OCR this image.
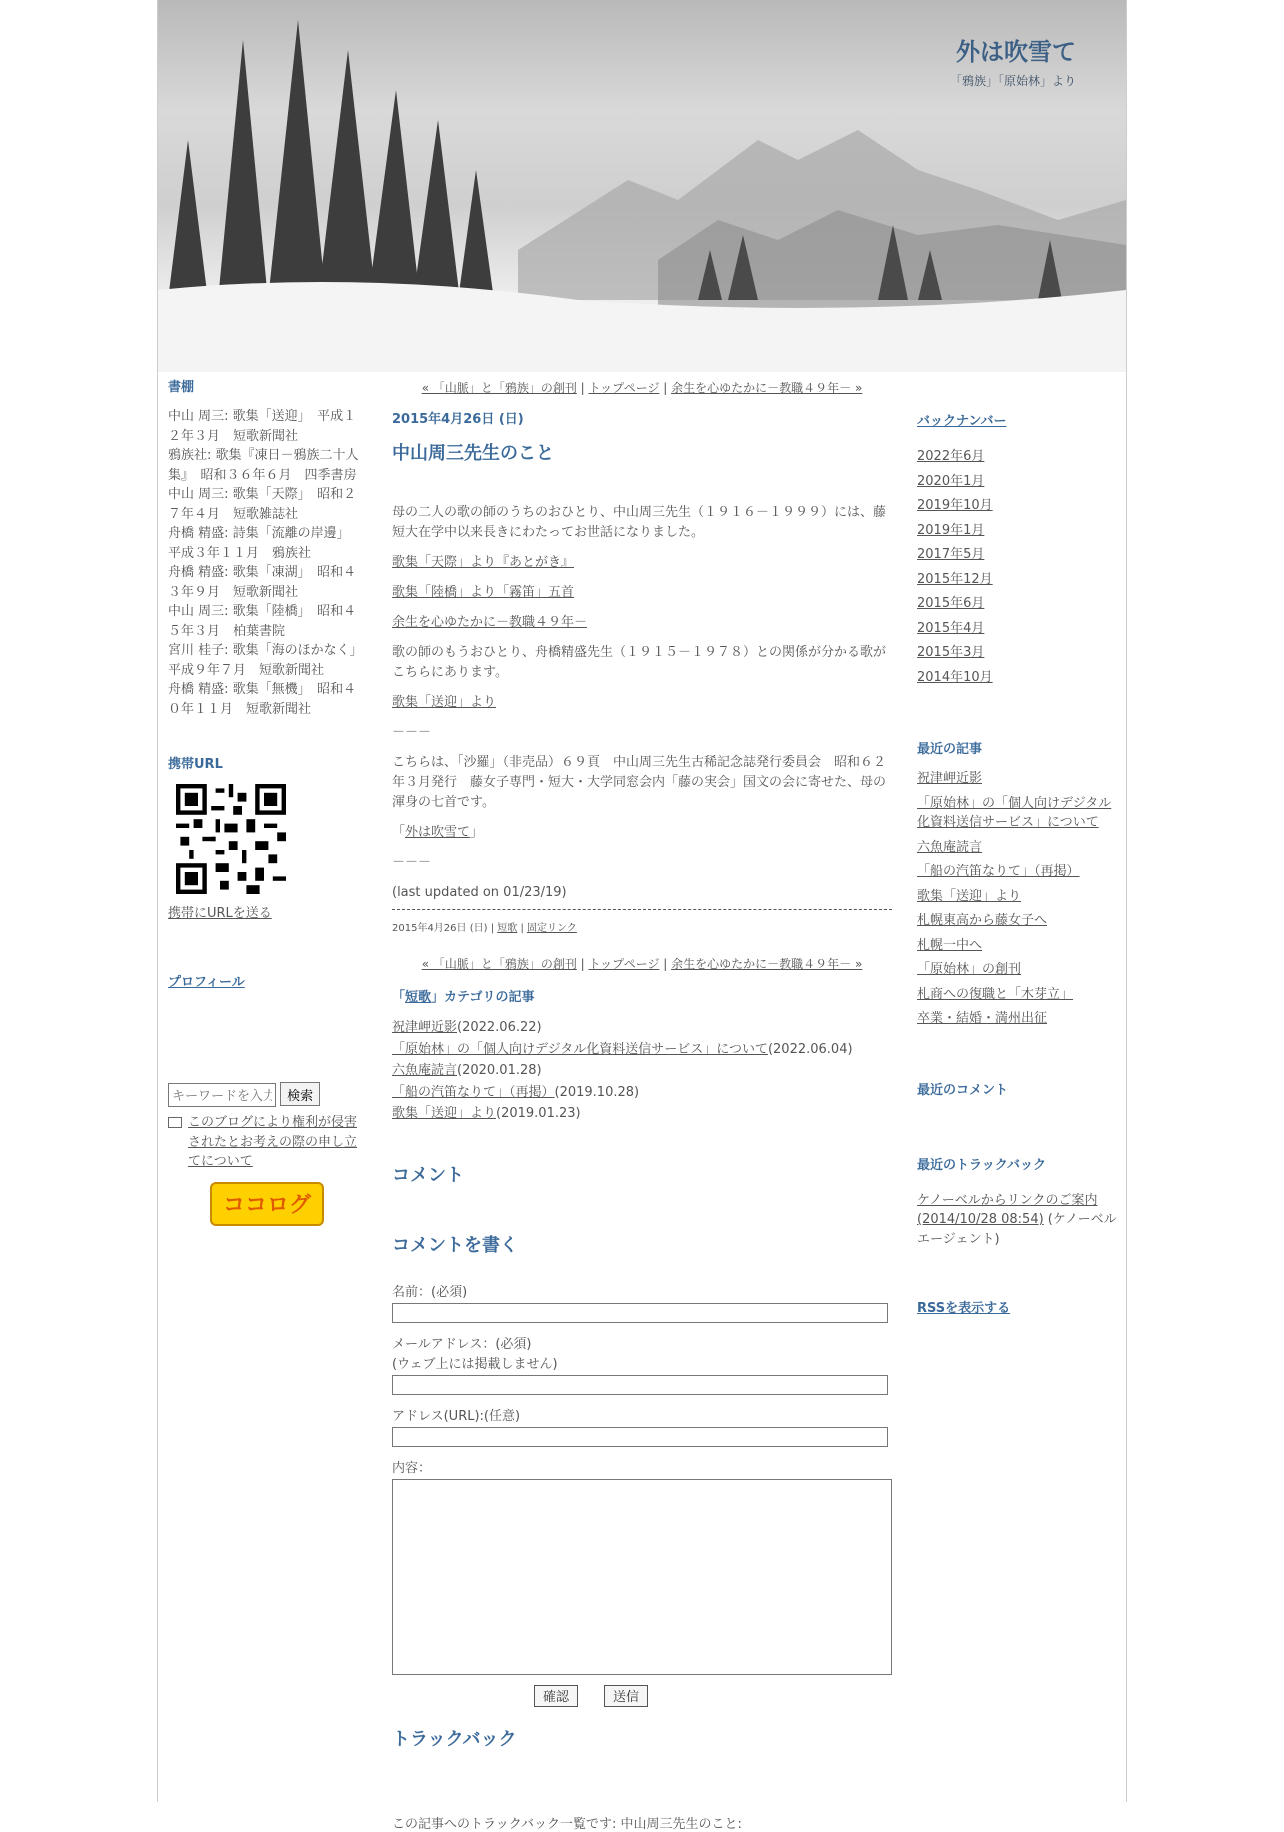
外は吹雪て
「鴉族」「原始林」より
書棚
中山 周三: 歌集「送迎」　平成１２年３月　短歌新聞社
鴉族社: 歌集『凍日－鴉族二十人集』　昭和３６年６月　四季書房
中山 周三: 歌集「天際」　昭和２７年４月　短歌雑誌社
舟橋 精盛: 詩集「流離の岸邊」　平成３年１１月　鴉族社
舟橋 精盛: 歌集「凍湖」　昭和４３年９月　短歌新聞社
中山 周三: 歌集「陸橋」　昭和４５年３月　柏葉書院
宮川 桂子: 歌集「海のほかなく」　平成９年７月　短歌新聞社
舟橋 精盛: 歌集「無機」　昭和４０年１１月　短歌新聞社
携帯URL
携帯にURLを送る
プロフィール
キーワードを入力 検索
このブログにより権利が侵害されたとお考えの際の申し立てについて
ココログ
« 「山脈」と「鴉族」の創刊 | トップページ | 余生を心ゆたかに－教職４９年－ »
2015年4月26日 (日)
中山周三先生のこと

母の二人の歌の師のうちのおひとり、中山周三先生（１９１６－１９９９）には、藤短大在学中以来長きにわたってお世話になりました。

歌集「天際」より『あとがき』

歌集「陸橋」より「霧笛」五首

余生を心ゆたかに－教職４９年－

歌の師のもうおひとり、舟橋精盛先生（１９１５－１９７８）との関係が分かる歌がこちらにあります。

歌集「送迎」より

－－－

こちらは、「沙羅」（非売品）６９頁　中山周三先生古稀記念誌発行委員会　昭和６２年３月発行　藤女子専門・短大・大学同窓会内「藤の実会」国文の会に寄せた、母の渾身の七首です。

「外は吹雪て」

－－－

(last updated on 01/23/19)

2015年4月26日 (日) | 短歌 | 固定リンク
« 「山脈」と「鴉族」の創刊 | トップページ | 余生を心ゆたかに－教職４９年－ »
「短歌」カテゴリの記事
祝津岬近影(2022.06.22)
「原始林」の「個人向けデジタル化資料送信サービス」について(2022.06.04)
六魚庵読言(2020.01.28)
「船の汽笛なりて」（再掲）(2019.10.28)
歌集「送迎」より(2019.01.23)
コメント
コメントを書く
名前：(必須)
メールアドレス：(必須)
(ウェブ上には掲載しません)
アドレス(URL):(任意)
内容：
確認	送信
トラックバック
この記事へのトラックバック一覧です: 中山周三先生のこと:
バックナンバー
2022年6月
2020年1月
2019年10月
2019年1月
2017年5月
2015年12月
2015年6月
2015年4月
2015年3月
2014年10月
最近の記事
祝津岬近影
「原始林」の「個人向けデジタル化資料送信サービス」について
六魚庵読言
「船の汽笛なりて」（再掲）
歌集「送迎」より
札幌東高から藤女子へ
札幌一中へ
「原始林」の創刊
札商への復職と「木芽立」
卒業・結婚・満州出征
最近のコメント
最近のトラックバック
ケノーベルからリンクのご案内(2014/10/28 08:54) (ケノーベル エージェント)
RSSを表示する
